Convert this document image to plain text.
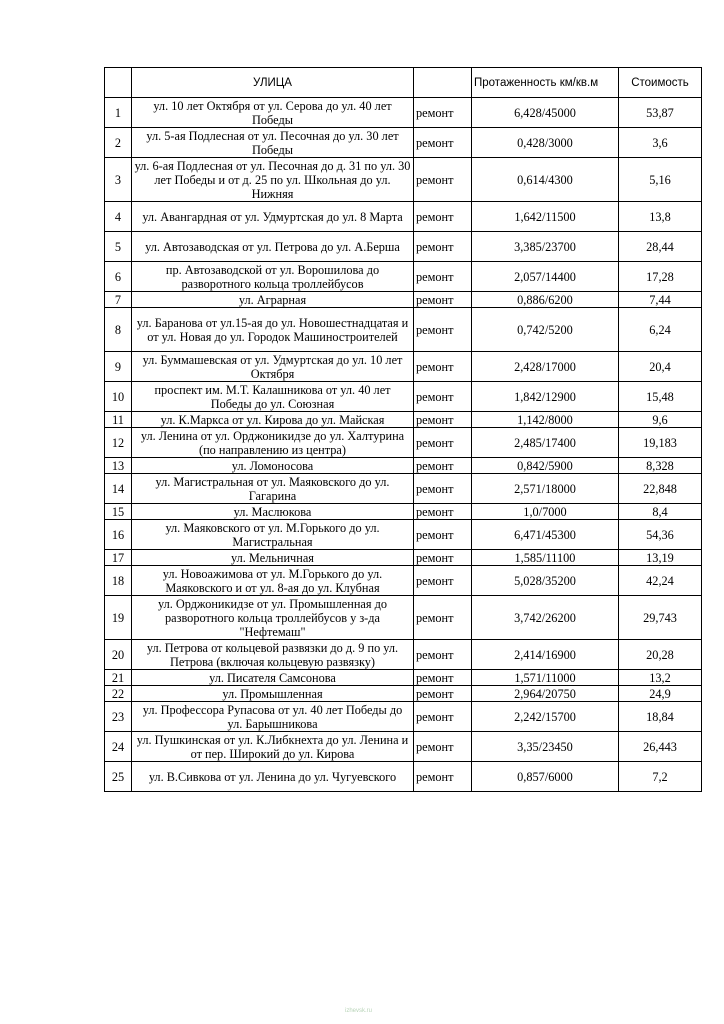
	УЛИЦА		Протаженность км/кв.м	Стоимость
1	ул. 10 лет Октября от ул. Серова до ул. 40 лет Победы	ремонт	6,428/45000	53,87
2	ул. 5-ая Подлесная от ул. Песочная до ул. 30 лет Победы	ремонт	0,428/3000	3,6
3	ул. 6-ая Подлесная от ул. Песочная до д. 31 по ул. 30 лет Победы и от д. 25 по ул. Школьная до ул. Нижняя	ремонт	0,614/4300	5,16
4	ул. Авангардная от ул. Удмуртская до ул. 8 Марта	ремонт	1,642/11500	13,8
5	ул. Автозаводская от ул. Петрова до ул. А.Берша	ремонт	3,385/23700	28,44
6	пр. Автозаводской от ул. Ворошилова до разворотного кольца троллейбусов	ремонт	2,057/14400	17,28
7	ул. Аграрная	ремонт	0,886/6200	7,44
8	ул. Баранова от ул.15-ая до ул. Новошестнадцатая и от ул. Новая до ул. Городок Машиностроителей	ремонт	0,742/5200	6,24
9	ул. Буммашевская от ул. Удмуртская до ул. 10 лет Октября	ремонт	2,428/17000	20,4
10	проспект им. М.Т. Калашникова от ул. 40 лет Победы до ул. Союзная	ремонт	1,842/12900	15,48
11	ул. К.Маркса от ул. Кирова до ул. Майская	ремонт	1,142/8000	9,6
12	ул. Ленина от ул. Орджоникидзе до ул. Халтурина (по направлению из центра)	ремонт	2,485/17400	19,183
13	ул. Ломоносова	ремонт	0,842/5900	8,328
14	ул. Магистральная от ул. Маяковского до ул. Гагарина	ремонт	2,571/18000	22,848
15	ул. Маслюкова	ремонт	1,0/7000	8,4
16	ул. Маяковского от ул. М.Горького до ул. Магистральная	ремонт	6,471/45300	54,36
17	ул. Мельничная	ремонт	1,585/11100	13,19
18	ул. Новоажимова от ул. М.Горького до ул. Маяковского и от ул. 8-ая до ул. Клубная	ремонт	5,028/35200	42,24
19	ул. Орджоникидзе от ул. Промышленная до разворотного кольца троллейбусов у з-да "Нефтемаш"	ремонт	3,742/26200	29,743
20	ул. Петрова от кольцевой развязки до д. 9 по ул. Петрова (включая кольцевую развязку)	ремонт	2,414/16900	20,28
21	ул. Писателя Самсонова	ремонт	1,571/11000	13,2
22	ул. Промышленная	ремонт	2,964/20750	24,9
23	ул. Профессора Рупасова от ул. 40 лет Победы до ул. Барышникова	ремонт	2,242/15700	18,84
24	ул. Пушкинская от ул. К.Либкнехта до ул. Ленина и от пер. Широкий до ул. Кирова	ремонт	3,35/23450	26,443
25	ул. В.Сивкова от ул. Ленина до ул. Чугуевского	ремонт	0,857/6000	7,2
izhevsk.ru
